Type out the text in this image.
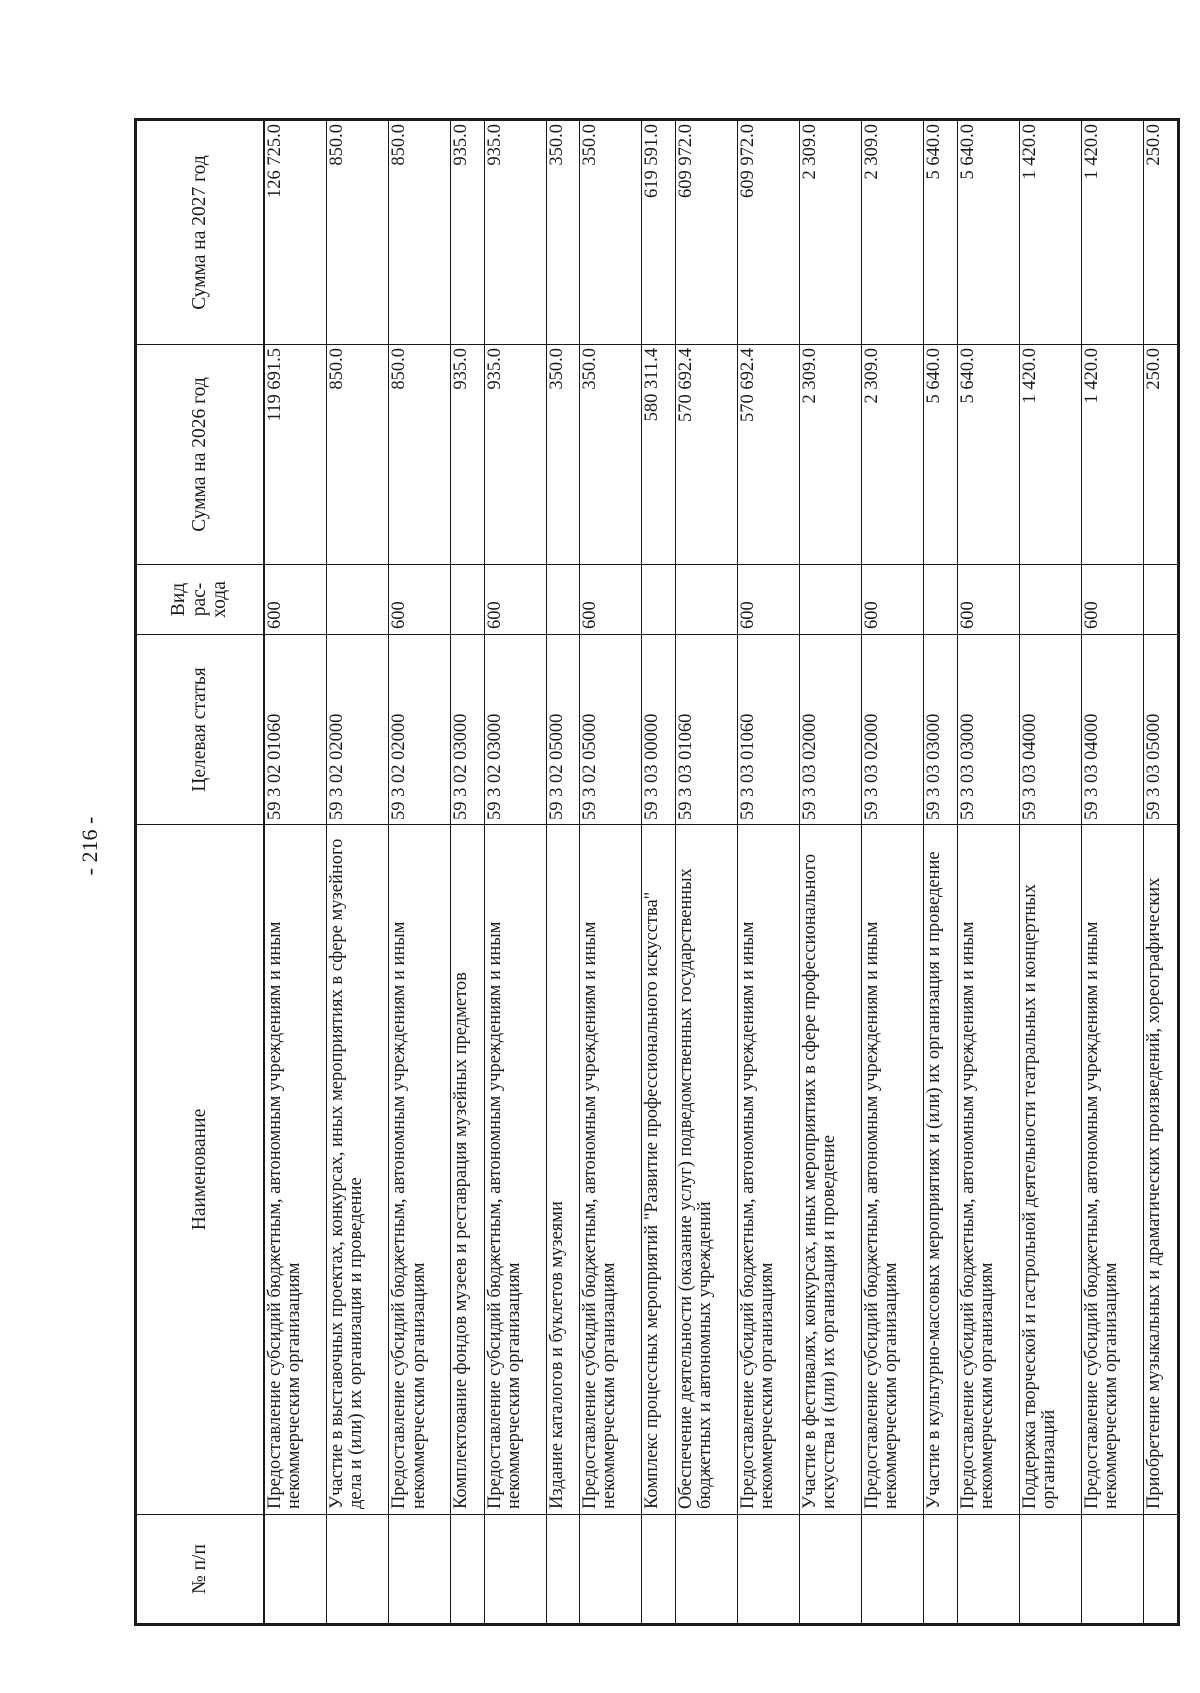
- 216 -
№ п/п	Наименование	Целевая статья	Вид рас-хода	Сумма на 2026 год	Сумма на 2027 год
	Предоставление субсидий бюджетным, автономным учреждениям и иным некоммерческим организациям	59 3 02 01060	600	119 691.5	126 725.0
	Участие в выставочных проектах, конкурсах, иных мероприятиях в сфере музейного дела и (или) их организация и проведение	59 3 02 02000		850.0	850.0
	Предоставление субсидий бюджетным, автономным учреждениям и иным некоммерческим организациям	59 3 02 02000	600	850.0	850.0
	Комплектование фондов музеев и реставрация музейных предметов	59 3 02 03000		935.0	935.0
	Предоставление субсидий бюджетным, автономным учреждениям и иным некоммерческим организациям	59 3 02 03000	600	935.0	935.0
	Издание каталогов и буклетов музеями	59 3 02 05000		350.0	350.0
	Предоставление субсидий бюджетным, автономным учреждениям и иным некоммерческим организациям	59 3 02 05000	600	350.0	350.0
	Комплекс процессных мероприятий "Развитие профессионального искусства"	59 3 03 00000		580 311.4	619 591.0
	Обеспечение деятельности (оказание услуг) подведомственных государственных бюджетных и автономных учреждений	59 3 03 01060		570 692.4	609 972.0
	Предоставление субсидий бюджетным, автономным учреждениям и иным некоммерческим организациям	59 3 03 01060	600	570 692.4	609 972.0
	Участие в фестивалях, конкурсах, иных мероприятиях в сфере профессионального искусства и (или) их организация и проведение	59 3 03 02000		2 309.0	2 309.0
	Предоставление субсидий бюджетным, автономным учреждениям и иным некоммерческим организациям	59 3 03 02000	600	2 309.0	2 309.0
	Участие в культурно-массовых мероприятиях и (или) их организация и проведение	59 3 03 03000		5 640.0	5 640.0
	Предоставление субсидий бюджетным, автономным учреждениям и иным некоммерческим организациям	59 3 03 03000	600	5 640.0	5 640.0
	Поддержка творческой и гастрольной деятельности театральных и концертных организаций	59 3 03 04000		1 420.0	1 420.0
	Предоставление субсидий бюджетным, автономным учреждениям и иным некоммерческим организациям	59 3 03 04000	600	1 420.0	1 420.0
	Приобретение музыкальных и драматических произведений, хореографических	59 3 03 05000		250.0	250.0
